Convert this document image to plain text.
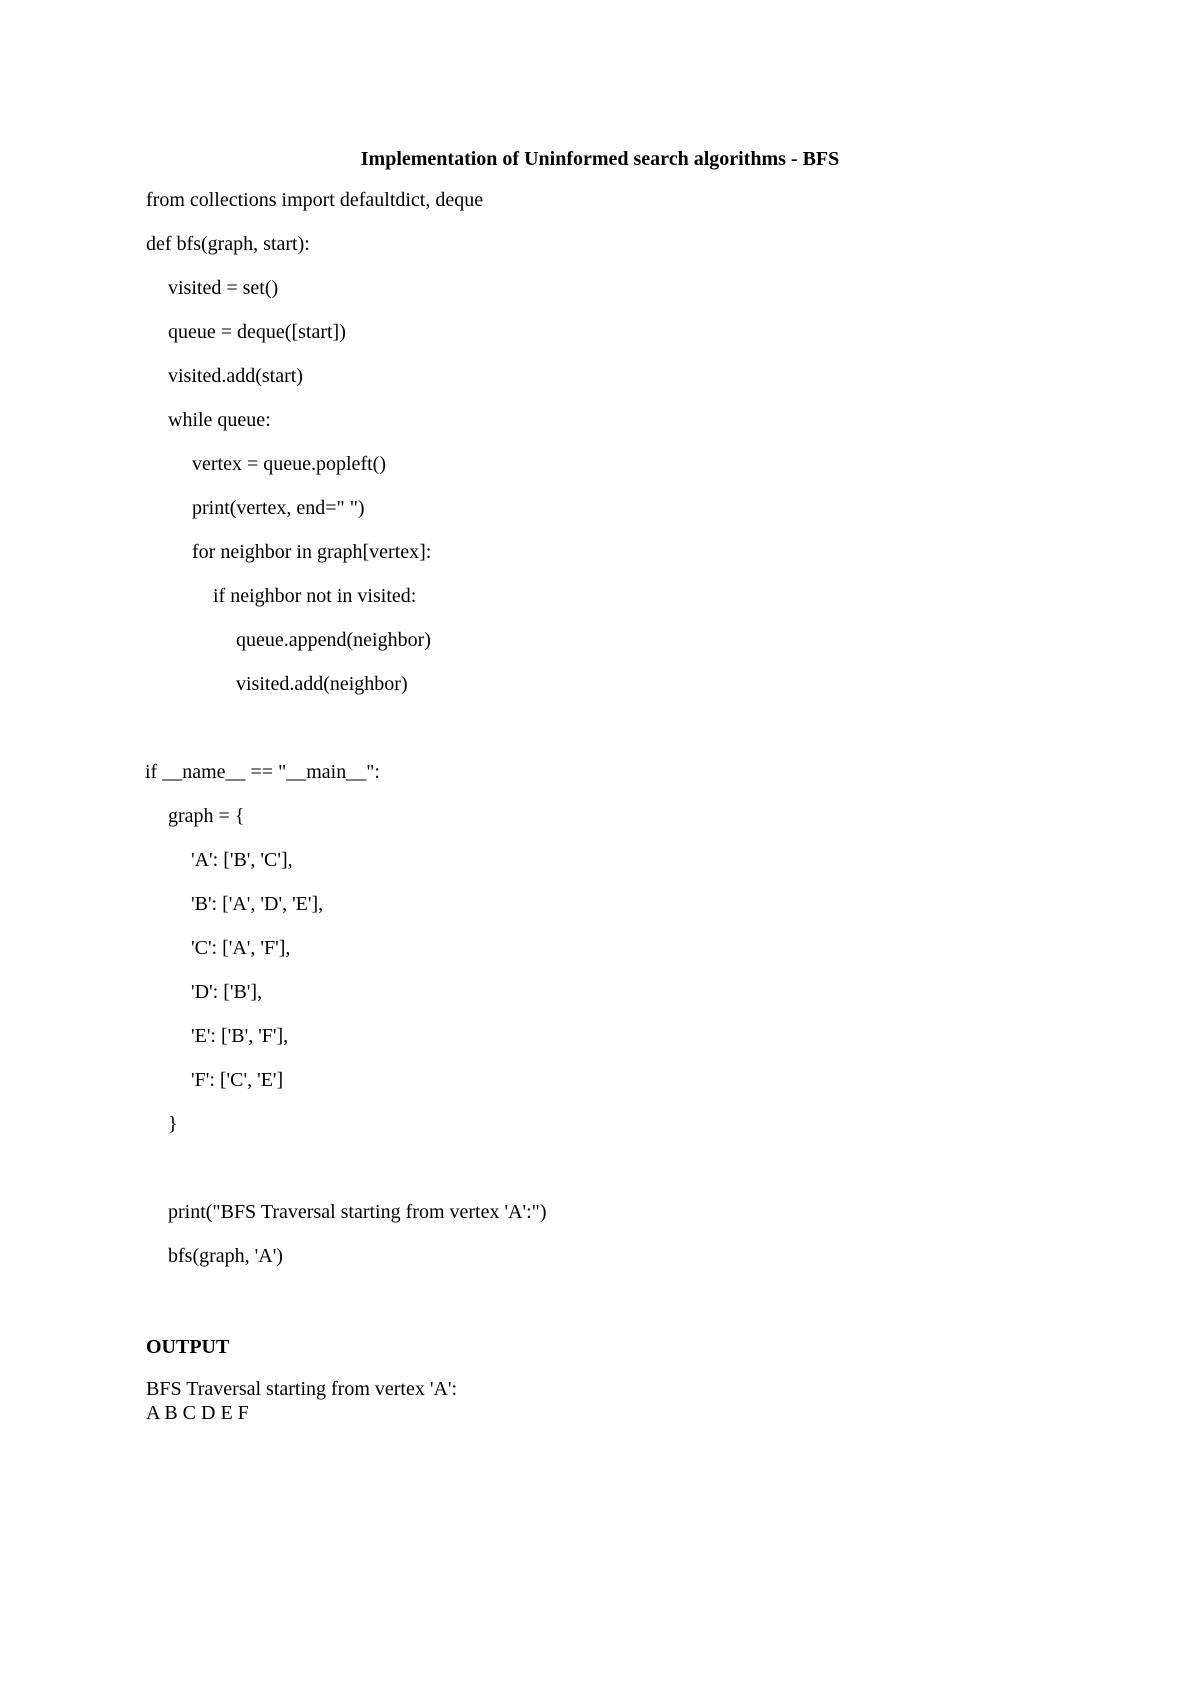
Implementation of Uninformed search algorithms - BFS
from collections import defaultdict, deque
def bfs(graph, start):
visited = set()
queue = deque([start])
visited.add(start)
while queue:
vertex = queue.popleft()
print(vertex, end=" ")
for neighbor in graph[vertex]:
if neighbor not in visited:
queue.append(neighbor)
visited.add(neighbor)
if __name__ == "__main__":
graph = {
'A': ['B', 'C'],
'B': ['A', 'D', 'E'],
'C': ['A', 'F'],
'D': ['B'],
'E': ['B', 'F'],
'F': ['C', 'E']
}
print("BFS Traversal starting from vertex 'A':")
bfs(graph, 'A')
OUTPUT
BFS Traversal starting from vertex 'A':
A B C D E F
